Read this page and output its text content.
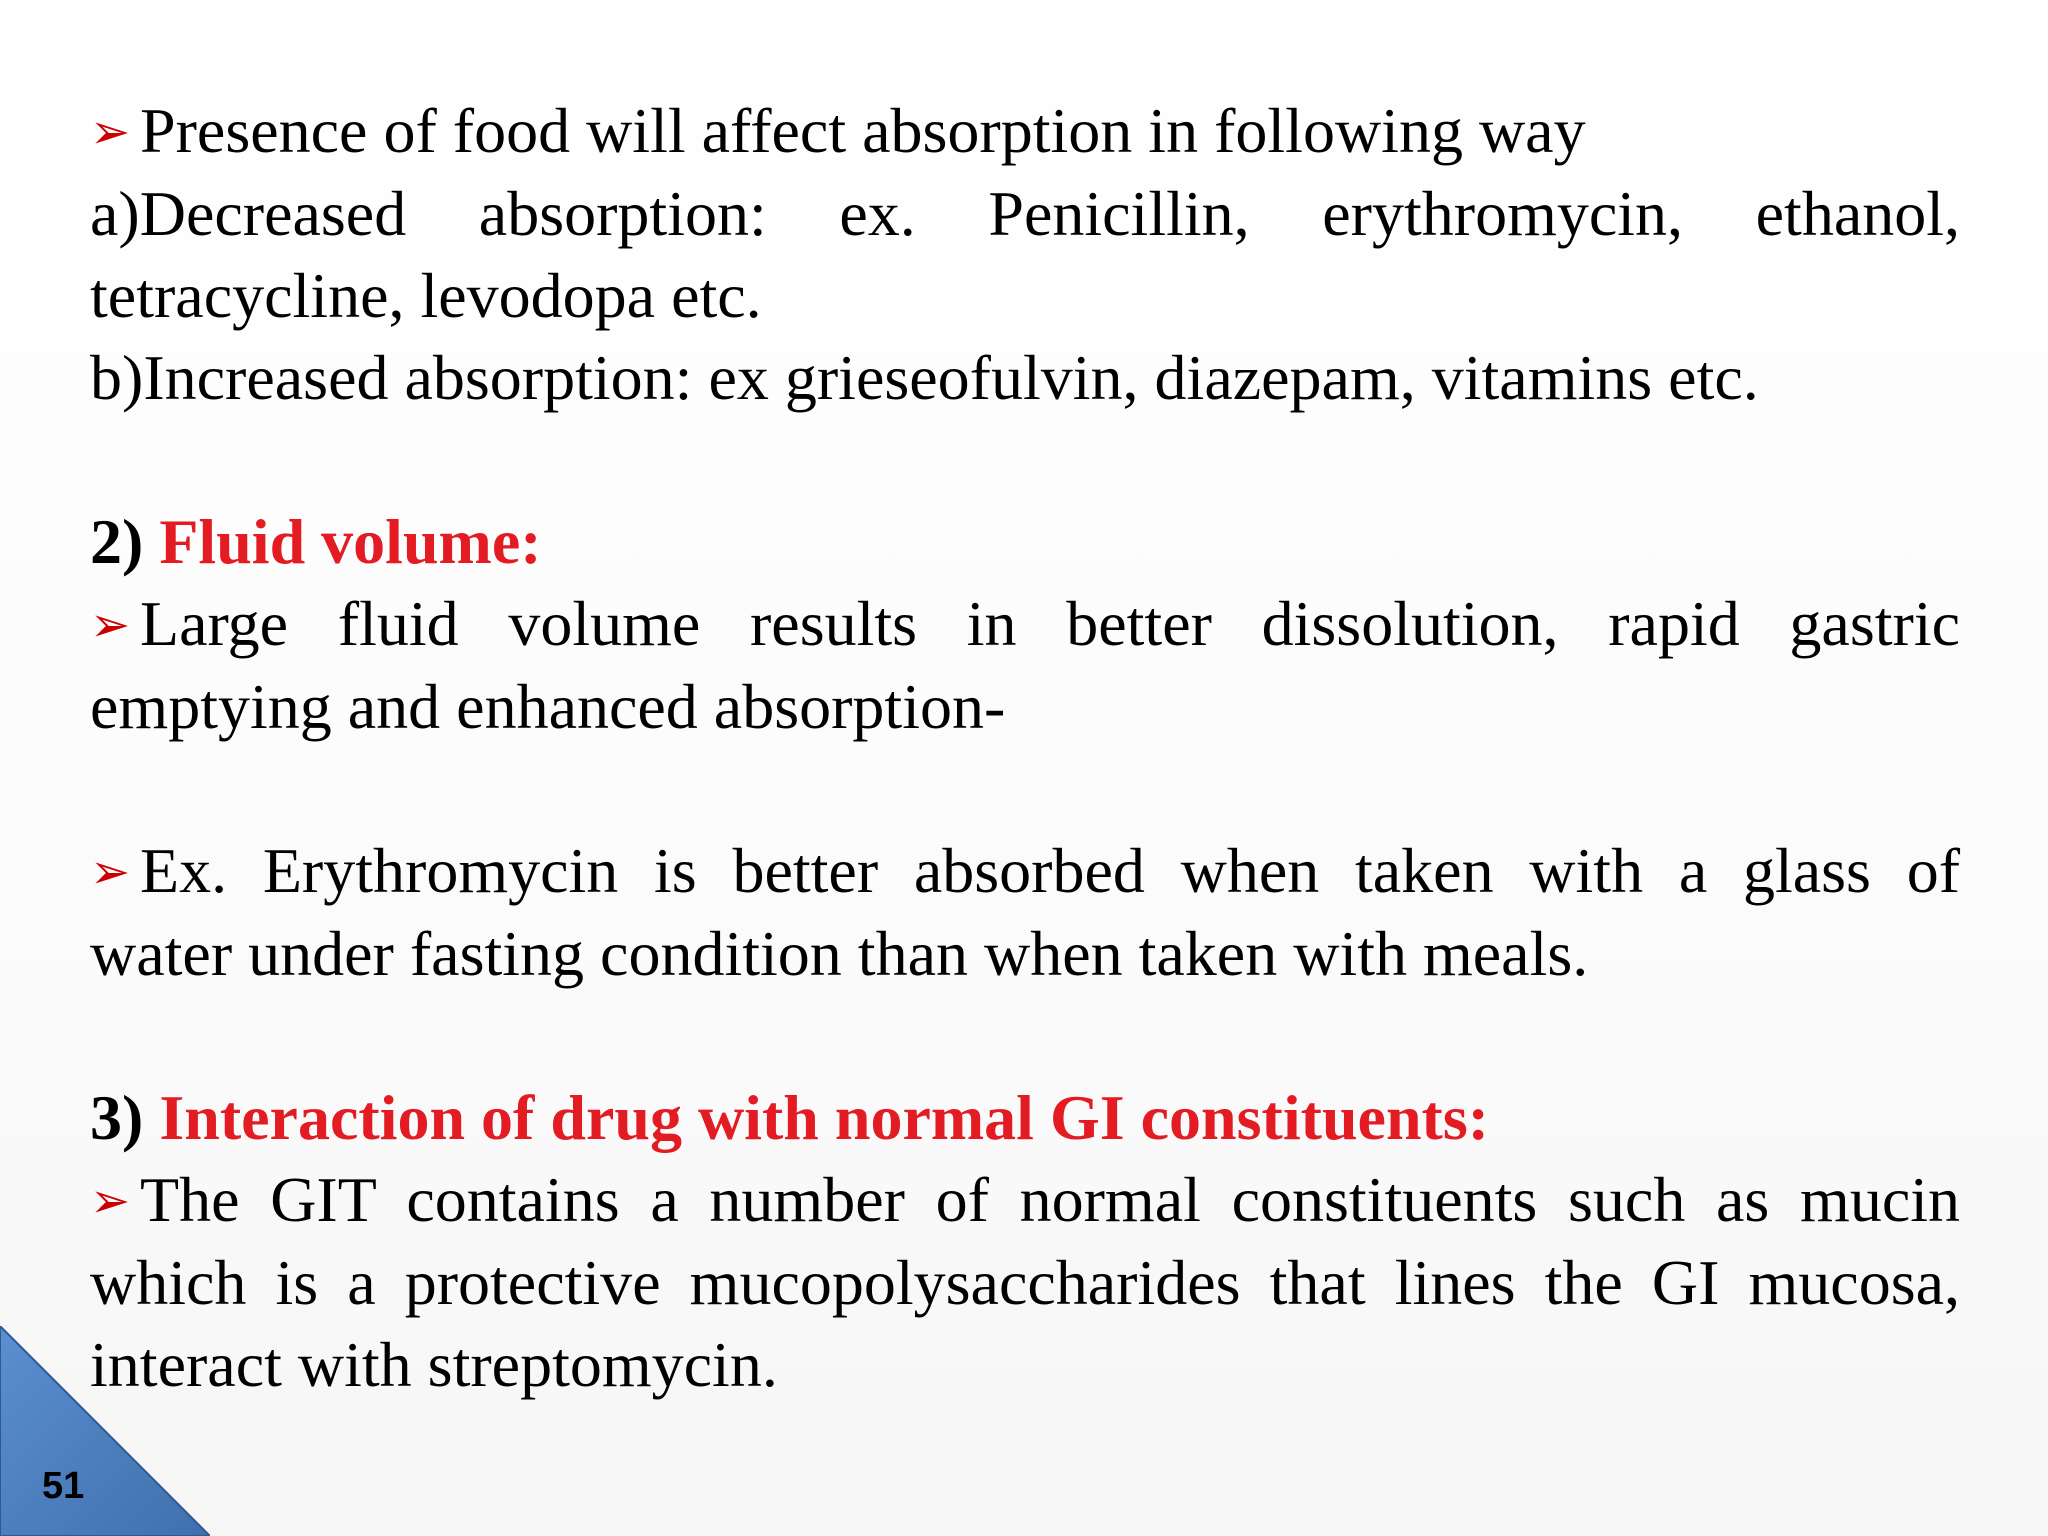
➢ Presence of food will affect absorption in following way
a)Decreased absorption: ex. Penicillin, erythromycin, ethanol,
tetracycline, levodopa etc.
b)Increased absorption: ex grieseofulvin, diazepam, vitamins etc.
2) Fluid volume:
➢ Large fluid volume results in better dissolution, rapid gastric
emptying and enhanced absorption-
➢ Ex. Erythromycin is better absorbed when taken with a glass of
water under fasting condition than when taken with meals.
3) Interaction of drug with normal GI constituents:
➢ The GIT contains a number of normal constituents such as mucin
which is a protective mucopolysaccharides that lines the GI mucosa,
interact with streptomycin.
51
